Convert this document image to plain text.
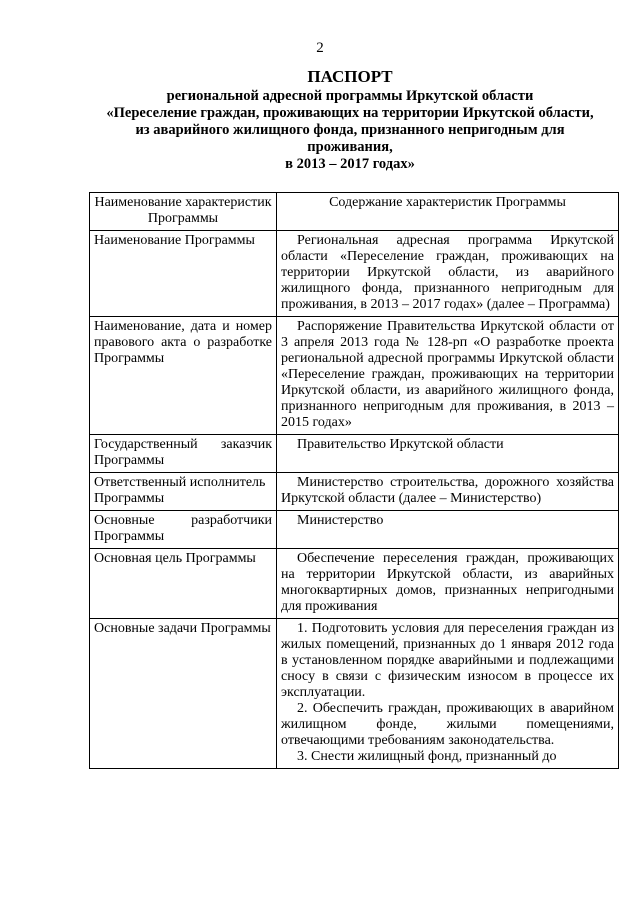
2
ПАСПОРТ
региональной адресной программы Иркутской области
«Переселение граждан, проживающих на территории Иркутской области,
из аварийного жилищного фонда, признанного непригодным для
проживания,
в 2013 – 2017 годах»
Наименование характеристик Программы	Содержание характеристик Программы
Наименование Программы	Региональная адресная программа Иркутской области «Переселение граждан, проживающих на территории Иркутской области, из аварийного жилищного фонда, признанного непригодным для проживания, в 2013 – 2017 годах» (далее – Программа)
Наименование, дата и номер правового акта о разработке Программы	Распоряжение Правительства Иркутской области от 3 апреля 2013 года № 128-рп «О разработке проекта региональной адресной программы Иркутской области «Переселение граждан, проживающих на территории Иркутской области, из аварийного жилищного фонда, признанного непригодным для проживания, в 2013 – 2015 годах»
Государственный заказчик Программы	Правительство Иркутской области
Ответственный исполнитель Программы	Министерство строительства, дорожного хозяйства Иркутской области (далее – Министерство)
Основные разработчики Программы	Министерство
Основная цель Программы	Обеспечение переселения граждан, проживающих на территории Иркутской области, из аварийных многоквартирных домов, признанных непригодными для проживания
Основные задачи Программы	1. Подготовить условия для переселения граждан из жилых помещений, признанных до 1 января 2012 года в установленном порядке аварийными и подлежащими сносу в связи с физическим износом в процессе их эксплуатации.

2. Обеспечить граждан, проживающих в аварийном жилищном фонде, жилыми помещениями, отвечающими требованиям законодательства.

3. Снести жилищный фонд, признанный до
